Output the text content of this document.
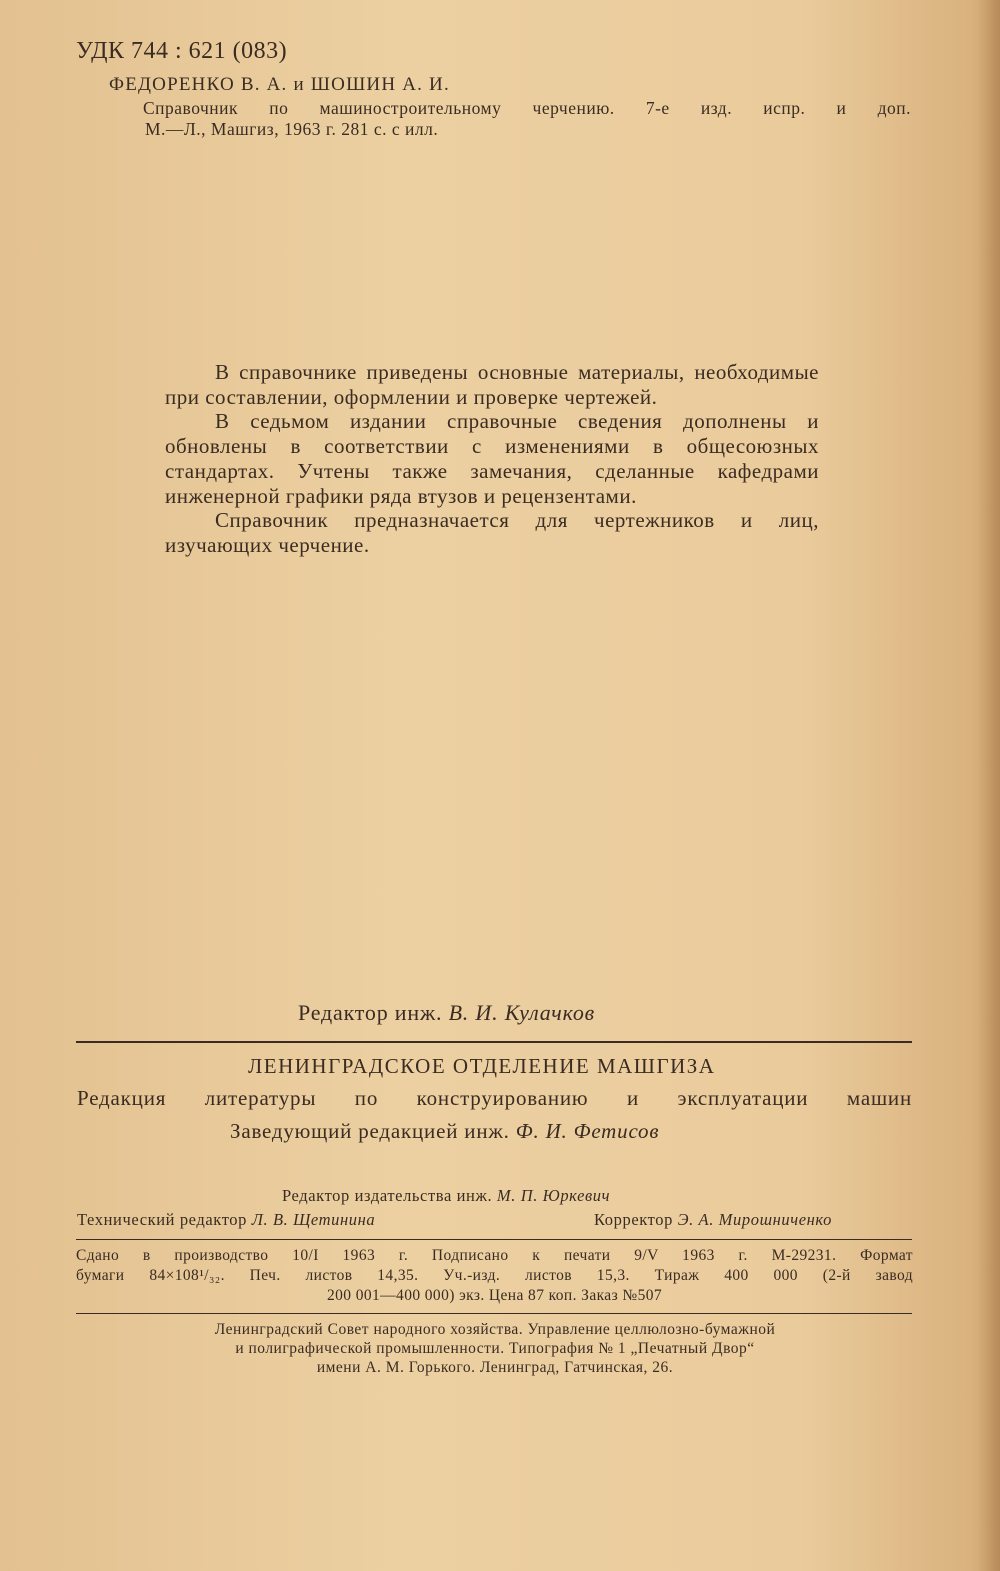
УДК 744 : 621 (083)
ФЕДОРЕНКО В. А. и ШОШИН А. И.
Справочник по машиностроительному черчению. 7-е изд. испр. и доп.
М.—Л., Машгиз, 1963 г. 281 с. с илл.

В справочнике приведены основные материалы, необходимые при составлении, оформлении и проверке чертежей.

В седьмом издании справочные сведения дополнены и обновлены в соответствии с изменениями в общесоюзных стандартах. Учтены также замечания, сделанные кафедрами инженерной графики ряда втузов и рецензентами.

Справочник предназначается для чертежников и лиц, изучающих черчение.

Редактор инж. В. И. Кулачков
ЛЕНИНГРАДСКОЕ ОТДЕЛЕНИЕ МАШГИЗА
Редакция литературы по конструированию и эксплуатации машин
Заведующий редакцией инж. Ф. И. Фетисов
Редактор издательства инж. М. П. Юркевич
Технический редактор Л. В. Щетинина	Корректор Э. А. Мирошниченко
Сдано в производство 10/I 1963 г. Подписано к печати 9/V 1963 г. М-29231. Формат
бумаги 84×108¹/₃₂. Печ. листов 14,35. Уч.-изд. листов 15,3. Тираж 400 000 (2-й завод
200 001—400 000) экз. Цена 87 коп. Заказ №507
Ленинградский Совет народного хозяйства. Управление целлюлозно-бумажной
и полиграфической промышленности. Типография № 1 „Печатный Двор“
имени А. М. Горького. Ленинград, Гатчинская, 26.
